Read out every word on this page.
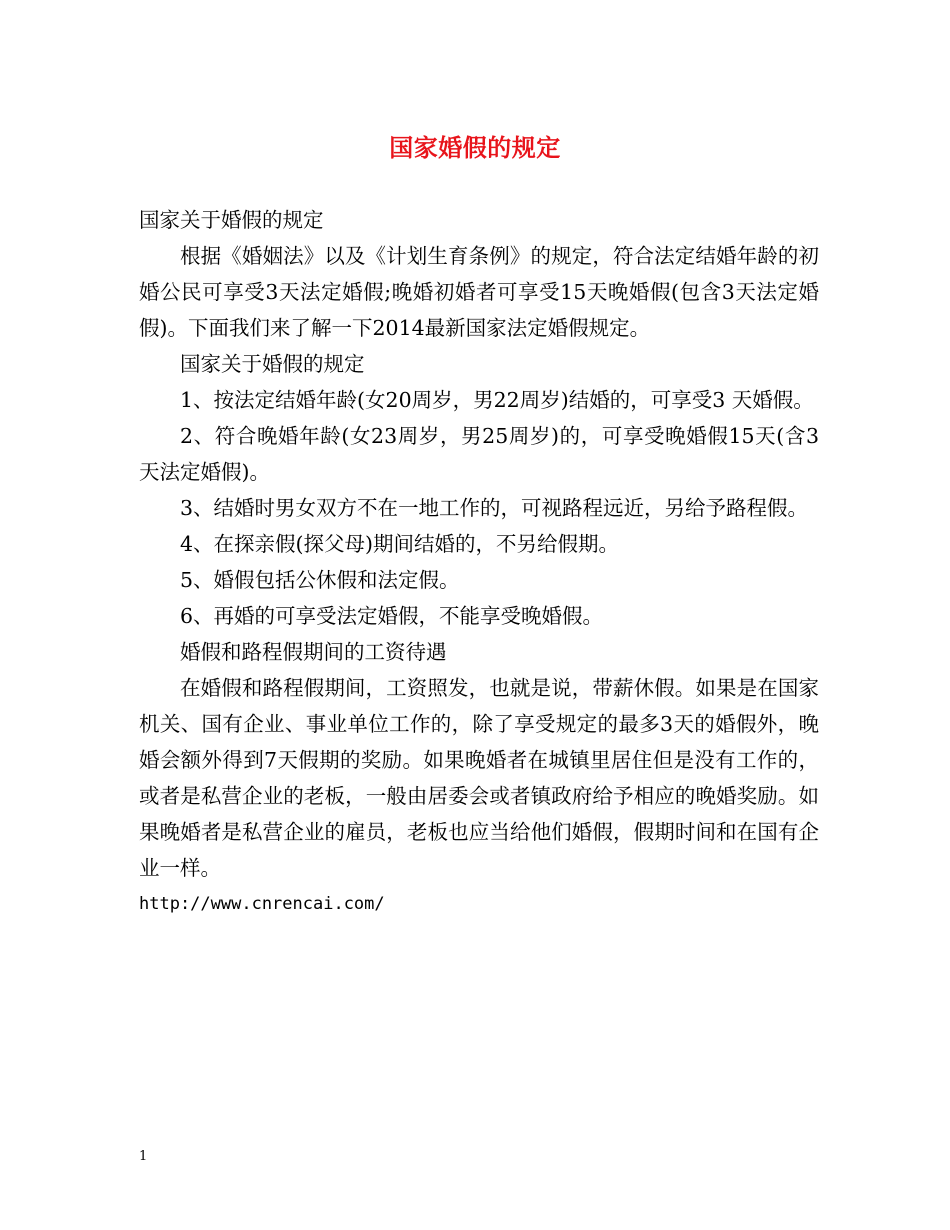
国家婚假的规定

国家关于婚假的规定

根据《婚姻法》以及《计划生育条例》的规定，符合法定结婚年龄的初婚公民可享受3天法定婚假;晚婚初婚者可享受15天晚婚假(包含3天法定婚假)。下面我们来了解一下2014最新国家法定婚假规定。

国家关于婚假的规定

1、按法定结婚年龄(女20周岁，男22周岁)结婚的，可享受3 天婚假。

2、符合晚婚年龄(女23周岁，男25周岁)的，可享受晚婚假15天(含3天法定婚假)。

3、结婚时男女双方不在一地工作的，可视路程远近，另给予路程假。

4、在探亲假(探父母)期间结婚的，不另给假期。

5、婚假包括公休假和法定假。

6、再婚的可享受法定婚假，不能享受晚婚假。

婚假和路程假期间的工资待遇

在婚假和路程假期间，工资照发，也就是说，带薪休假。如果是在国家机关、国有企业、事业单位工作的，除了享受规定的最多3天的婚假外，晚婚会额外得到7天假期的奖励。如果晚婚者在城镇里居住但是没有工作的，或者是私营企业的老板，一般由居委会或者镇政府给予相应的晚婚奖励。如果晚婚者是私营企业的雇员，老板也应当给他们婚假，假期时间和在国有企业一样。

http://www.cnrencai.com/

1
